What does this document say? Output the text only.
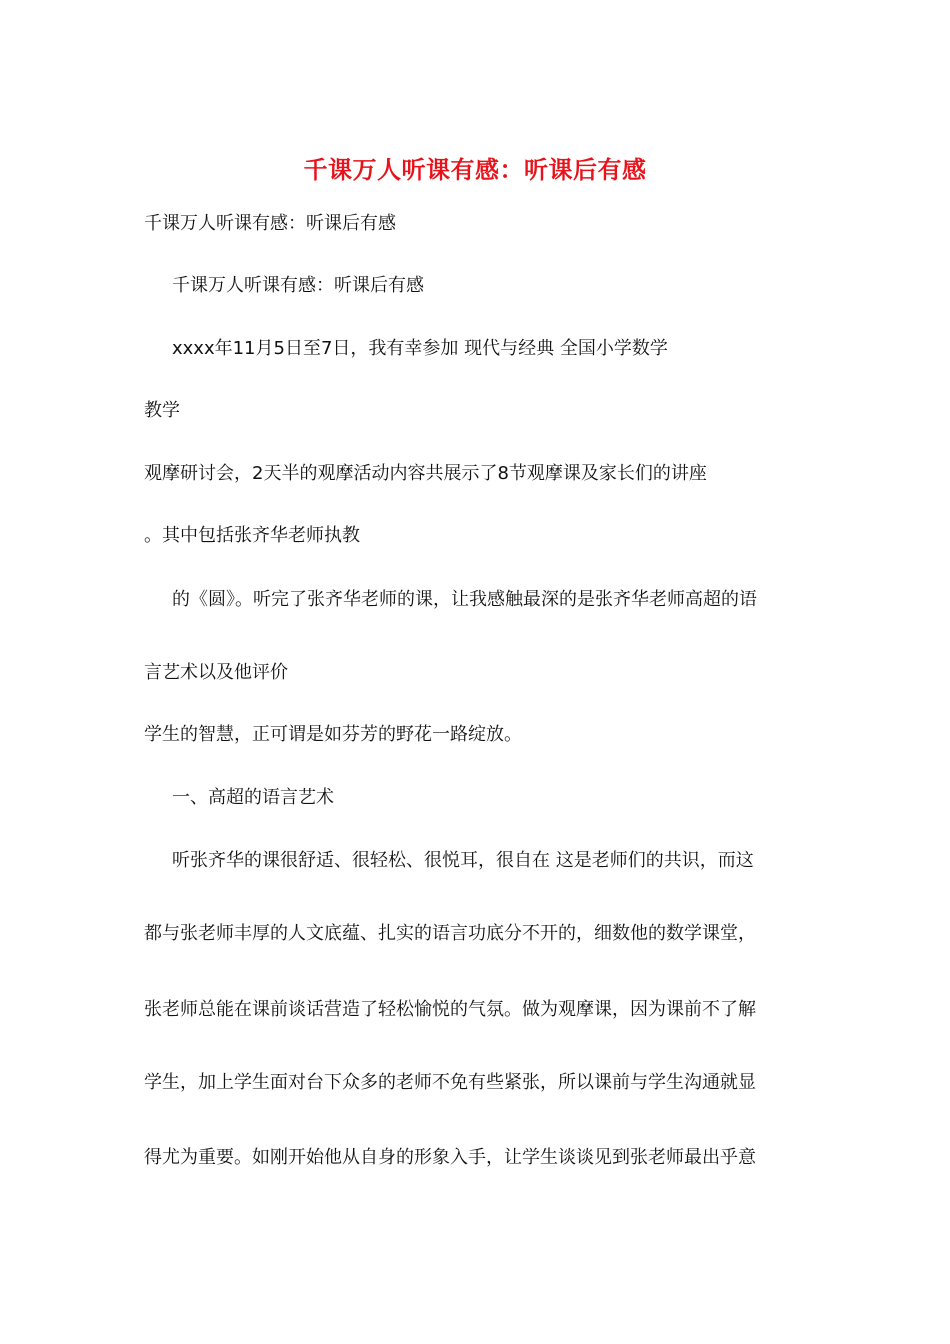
千课万人听课有感：听课后有感
千课万人听课有感：听课后有感
千课万人听课有感：听课后有感
xxxx年11月5日至7日，我有幸参加 现代与经典 全国小学数学
教学
观摩研讨会，2天半的观摩活动内容共展示了8节观摩课及家长们的讲座
。其中包括张齐华老师执教
的《圆》。听完了张齐华老师的课，让我感触最深的是张齐华老师高超的语
言艺术以及他评价
学生的智慧，正可谓是如芬芳的野花一路绽放。
一、高超的语言艺术
听张齐华的课很舒适、很轻松、很悦耳，很自在 这是老师们的共识，而这
都与张老师丰厚的人文底蕴、扎实的语言功底分不开的，细数他的数学课堂，
张老师总能在课前谈话营造了轻松愉悦的气氛。做为观摩课，因为课前不了解
学生，加上学生面对台下众多的老师不免有些紧张，所以课前与学生沟通就显
得尤为重要。如刚开始他从自身的形象入手，让学生谈谈见到张老师最出乎意
